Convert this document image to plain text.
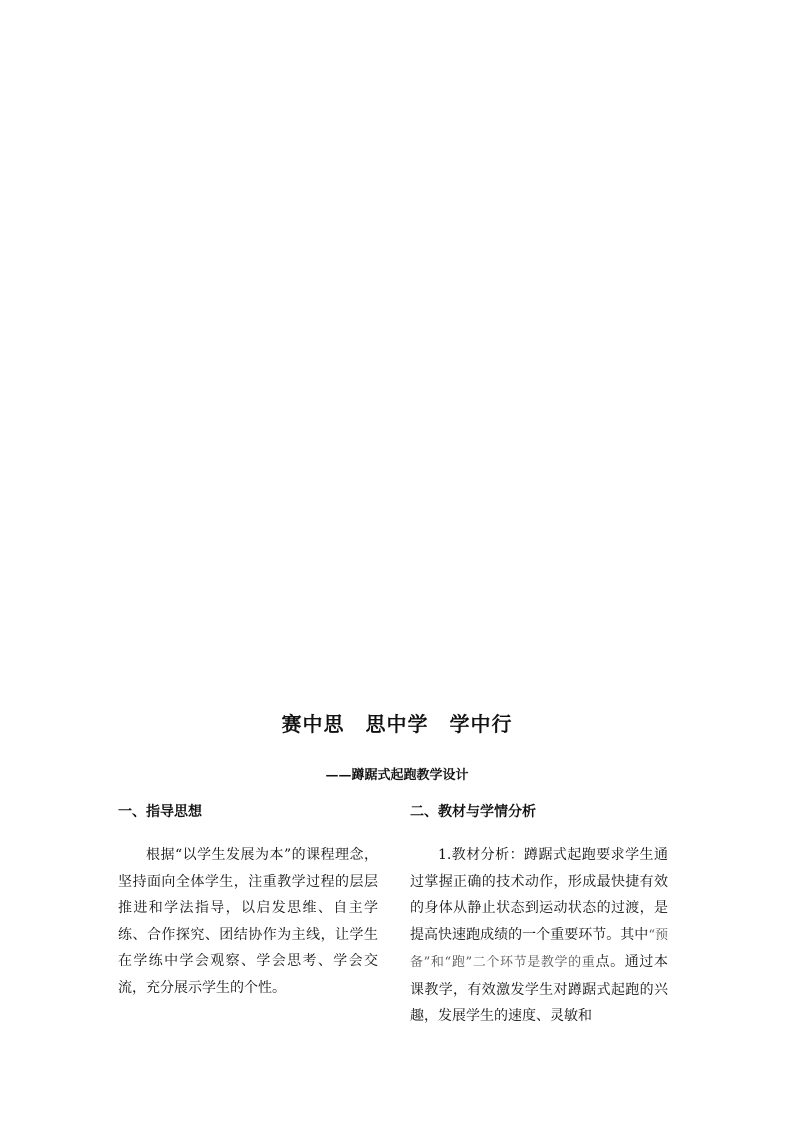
赛中思　思中学　学中行
——蹲踞式起跑教学设计
一、指导思想

根据“以学生发展为本”的课程理念，坚持面向全体学生，注重教学过程的层层推进和学法指导，以启发思维、自主学练、合作探究、团结协作为主线，让学生在学练中学会观察、学会思考、学会交流，充分展示学生的个性。

二、教材与学情分析

1.教材分析：蹲踞式起跑要求学生通过掌握正确的技术动作，形成最快捷有效的身体从静止状态到运动状态的过渡，是提高快速跑成绩的一个重要环节。其中“预备”和“跑”二个环节是教学的重点。通过本课教学，有效激发学生对蹲踞式起跑的兴趣，发展学生的速度、灵敏和
